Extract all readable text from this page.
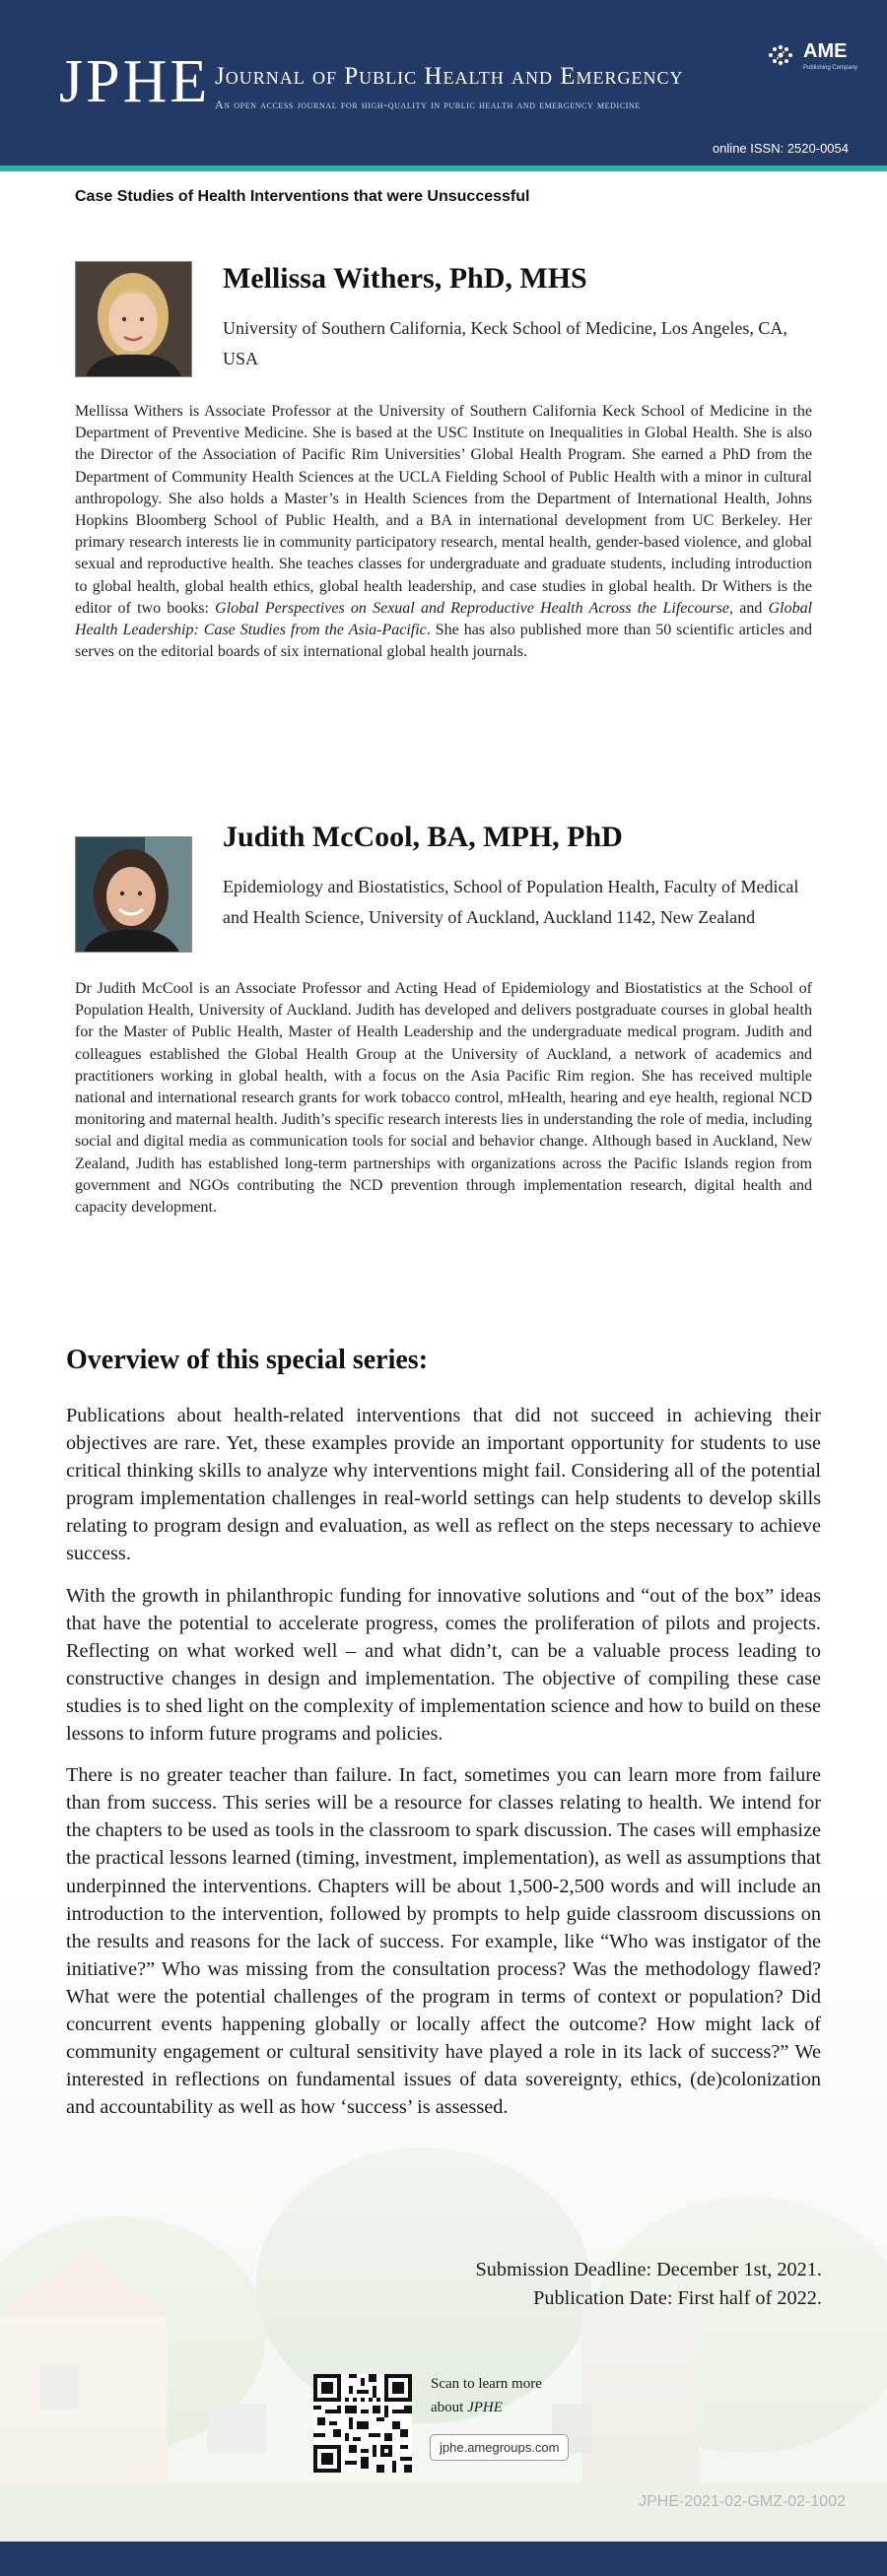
JPHE Journal of Public Health and Emergency
An open access journal for high-quality in public health and emergency medicine
AME
Publishing Company
online ISSN: 2520-0054
Case Studies of Health Interventions that were Unsuccessful
Mellissa Withers, PhD, MHS
University of Southern California, Keck School of Medicine, Los Angeles, CA, USA
Mellissa Withers is Associate Professor at the University of Southern California Keck School of Medicine in the Department of Preventive Medicine. She is based at the USC Institute on Inequalities in Global Health. She is also the Director of the Association of Pacific Rim Universities’ Global Health Program. She earned a PhD from the Department of Community Health Sciences at the UCLA Fielding School of Public Health with a minor in cultural anthropology. She also holds a Master’s in Health Sciences from the Department of International Health, Johns Hopkins Bloomberg School of Public Health, and a BA in international development from UC Berkeley. Her primary research interests lie in community participatory research, mental health, gender-based violence, and global sexual and reproductive health. She teaches classes for undergraduate and graduate students, including introduction to global health, global health ethics, global health leadership, and case studies in global health. Dr Withers is the editor of two books: Global Perspectives on Sexual and Reproductive Health Across the Lifecourse, and Global Health Leadership: Case Studies from the Asia-Pacific. She has also published more than 50 scientific articles and serves on the editorial boards of six international global health journals.
Judith McCool, BA, MPH, PhD
Epidemiology and Biostatistics, School of Population Health, Faculty of Medical and Health Science, University of Auckland, Auckland 1142, New Zealand
Dr Judith McCool is an Associate Professor and Acting Head of Epidemiology and Biostatistics at the School of Population Health, University of Auckland. Judith has developed and delivers postgraduate courses in global health for the Master of Public Health, Master of Health Leadership and the undergraduate medical program. Judith and colleagues established the Global Health Group at the University of Auckland, a network of academics and practitioners working in global health, with a focus on the Asia Pacific Rim region. She has received multiple national and international research grants for work tobacco control, mHealth, hearing and eye health, regional NCD monitoring and maternal health. Judith’s specific research interests lies in understanding the role of media, including social and digital media as communication tools for social and behavior change. Although based in Auckland, New Zealand, Judith has established long-term partnerships with organizations across the Pacific Islands region from government and NGOs contributing the NCD prevention through implementation research, digital health and capacity development.
Overview of this special series:

Publications about health-related interventions that did not succeed in achieving their objectives are rare. Yet, these examples provide an important opportunity for students to use critical thinking skills to analyze why interventions might fail. Considering all of the potential program implementation challenges in real-world settings can help students to develop skills relating to program design and evaluation, as well as reflect on the steps necessary to achieve success.

With the growth in philanthropic funding for innovative solutions and “out of the box” ideas that have the potential to accelerate progress, comes the proliferation of pilots and projects. Reflecting on what worked well – and what didn’t, can be a valuable process leading to constructive changes in design and implementation. The objective of compiling these case studies is to shed light on the complexity of implementation science and how to build on these lessons to inform future programs and policies.

There is no greater teacher than failure. In fact, sometimes you can learn more from failure than from success. This series will be a resource for classes relating to health. We intend for the chapters to be used as tools in the classroom to spark discussion. The cases will emphasize the practical lessons learned (timing, investment, implementation), as well as assumptions that underpinned the interventions. Chapters will be about 1,500-2,500 words and will include an introduction to the intervention, followed by prompts to help guide classroom discussions on the results and reasons for the lack of success. For example, like “Who was instigator of the initiative?” Who was missing from the consultation process? Was the methodology flawed? What were the potential challenges of the program in terms of context or population? Did concurrent events happening globally or locally affect the outcome? How might lack of community engagement or cultural sensitivity have played a role in its lack of success?” We interested in reflections on fundamental issues of data sovereignty, ethics, (de)colonization and accountability as well as how ‘success’ is assessed.

Submission Deadline: December 1st, 2021.
Publication Date: First half of 2022.
Scan to learn more
about JPHE
jphe.amegroups.com
JPHE-2021-02-GMZ-02-1002
